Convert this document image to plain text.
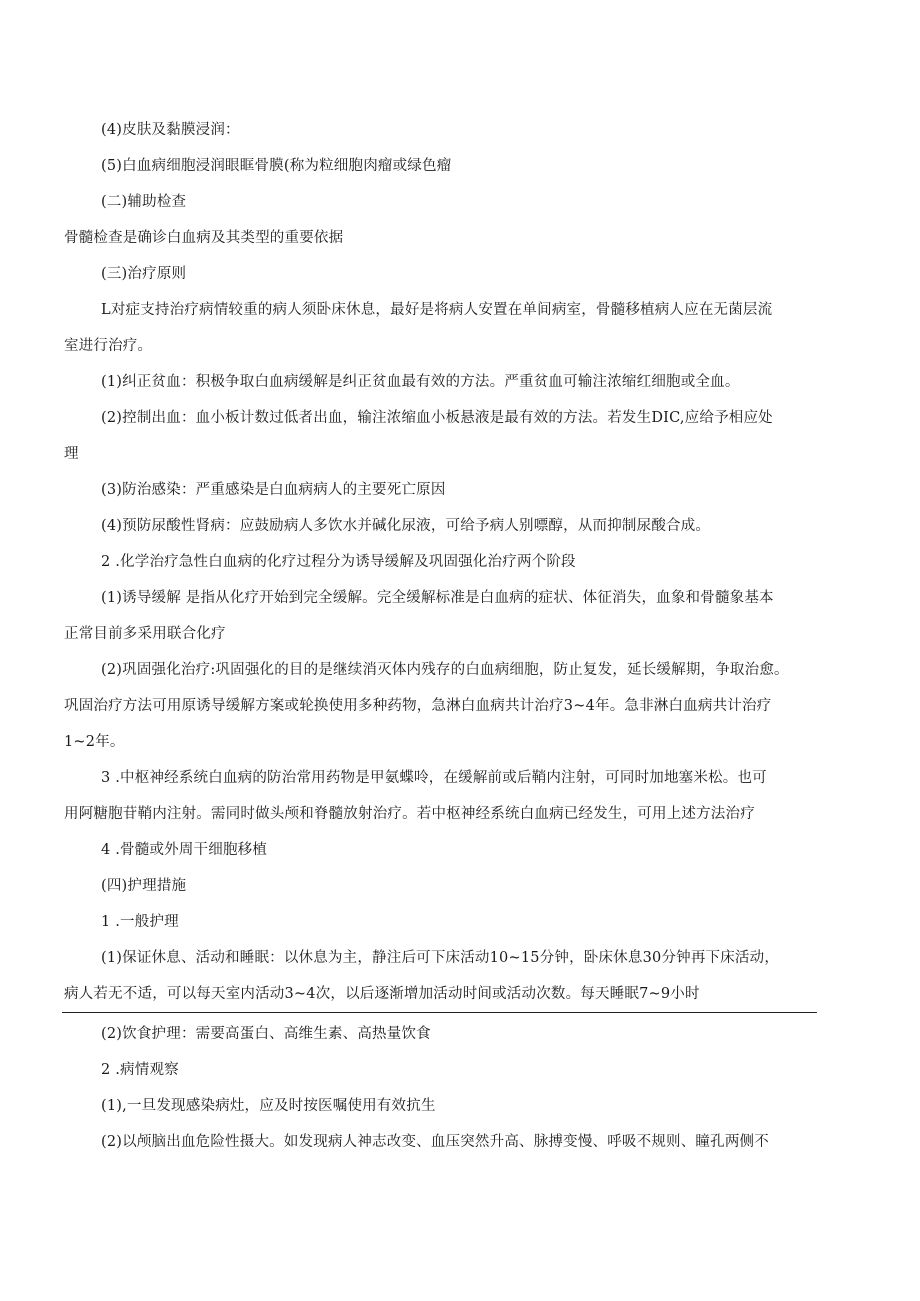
(4)皮肤及黏膜浸润：
(5)白血病细胞浸润眼眶骨膜(称为粒细胞肉瘤或绿色瘤
(二)辅助检查
骨髓检查是确诊白血病及其类型的重要依据
(三)治疗原则
L对症支持治疗病情较重的病人须卧床休息，最好是将病人安置在单间病室，骨髓移植病人应在无菌层流
室进行治疗。
(1)纠正贫血：积极争取白血病缓解是纠正贫血最有效的方法。严重贫血可输注浓缩红细胞或全血。
(2)控制出血：血小板计数过低者出血，输注浓缩血小板悬液是最有效的方法。若发生DIC,应给予相应处
理
(3)防治感染：严重感染是白血病病人的主要死亡原因
(4)预防尿酸性肾病：应鼓励病人多饮水并碱化尿液，可给予病人别嘌醇，从而抑制尿酸合成。
2 .化学治疗急性白血病的化疗过程分为诱导缓解及巩固强化治疗两个阶段
(1)诱导缓解 是指从化疗开始到完全缓解。完全缓解标准是白血病的症状、体征消失，血象和骨髓象基本
正常目前多采用联合化疗
(2)巩固强化治疗:巩固强化的目的是继续消灭体内残存的白血病细胞，防止复发，延长缓解期，争取治愈。
巩固治疗方法可用原诱导缓解方案或轮换使用多种药物，急淋白血病共计治疗3~4年。急非淋白血病共计治疗
1~2年。
3 .中枢神经系统白血病的防治常用药物是甲氨蝶呤，在缓解前或后鞘内注射，可同时加地塞米松。也可
用阿糖胞苷鞘内注射。需同时做头颅和脊髓放射治疗。若中枢神经系统白血病已经发生，可用上述方法治疗
4 .骨髓或外周干细胞移植
(四)护理措施
1 .一般护理
(1)保证休息、活动和睡眠：以休息为主，静注后可下床活动10~15分钟，卧床休息30分钟再下床活动，
病人若无不适，可以每天室内活动3~4次，以后逐渐增加活动时间或活动次数。每天睡眠7~9小时
(2)饮食护理：需要高蛋白、高维生素、高热量饮食
2 .病情观察
(1),一旦发现感染病灶，应及时按医嘱使用有效抗生
(2)以颅脑出血危险性摄大。如发现病人神志改变、血压突然升高、脉搏变慢、呼吸不规则、瞳孔两侧不
